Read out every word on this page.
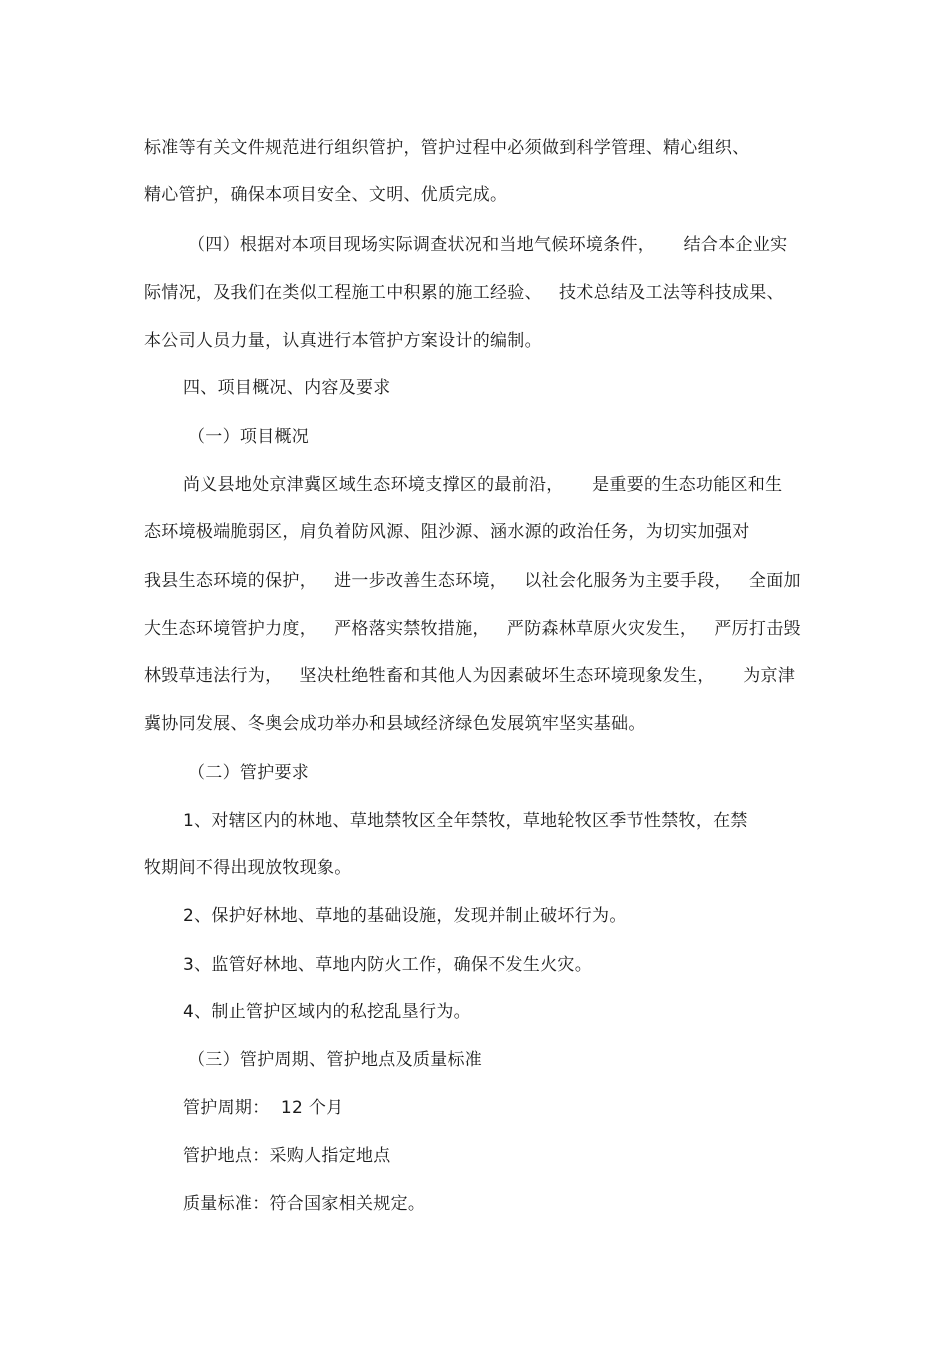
标准等有关文件规范进行组织管护，管护过程中必须做到科学管理、精心组织、
精心管护，确保本项目安全、文明、优质完成。
（四）根据对本项目现场实际调查状况和当地气候环境条件，     结合本企业实
际情况，及我们在类似工程施工中积累的施工经验、   技术总结及工法等科技成果、
本公司人员力量，认真进行本管护方案设计的编制。
四、项目概况、内容及要求
（一）项目概况
尚义县地处京津冀区域生态环境支撑区的最前沿，     是重要的生态功能区和生
态环境极端脆弱区，肩负着防风源、阻沙源、涵水源的政治任务，为切实加强对
我县生态环境的保护，   进一步改善生态环境，   以社会化服务为主要手段，   全面加
大生态环境管护力度，   严格落实禁牧措施，   严防森林草原火灾发生，   严厉打击毁
林毁草违法行为，   坚决杜绝牲畜和其他人为因素破坏生态环境现象发生，     为京津
冀协同发展、冬奥会成功举办和县域经济绿色发展筑牢坚实基础。
（二）管护要求
1、对辖区内的林地、草地禁牧区全年禁牧，草地轮牧区季节性禁牧，在禁
牧期间不得出现放牧现象。
2、保护好林地、草地的基础设施，发现并制止破坏行为。
3、监管好林地、草地内防火工作，确保不发生火灾。
4、制止管护区域内的私挖乱垦行为。
（三）管护周期、管护地点及质量标准
管护周期：  12 个月
管护地点：采购人指定地点
质量标准：符合国家相关规定。
